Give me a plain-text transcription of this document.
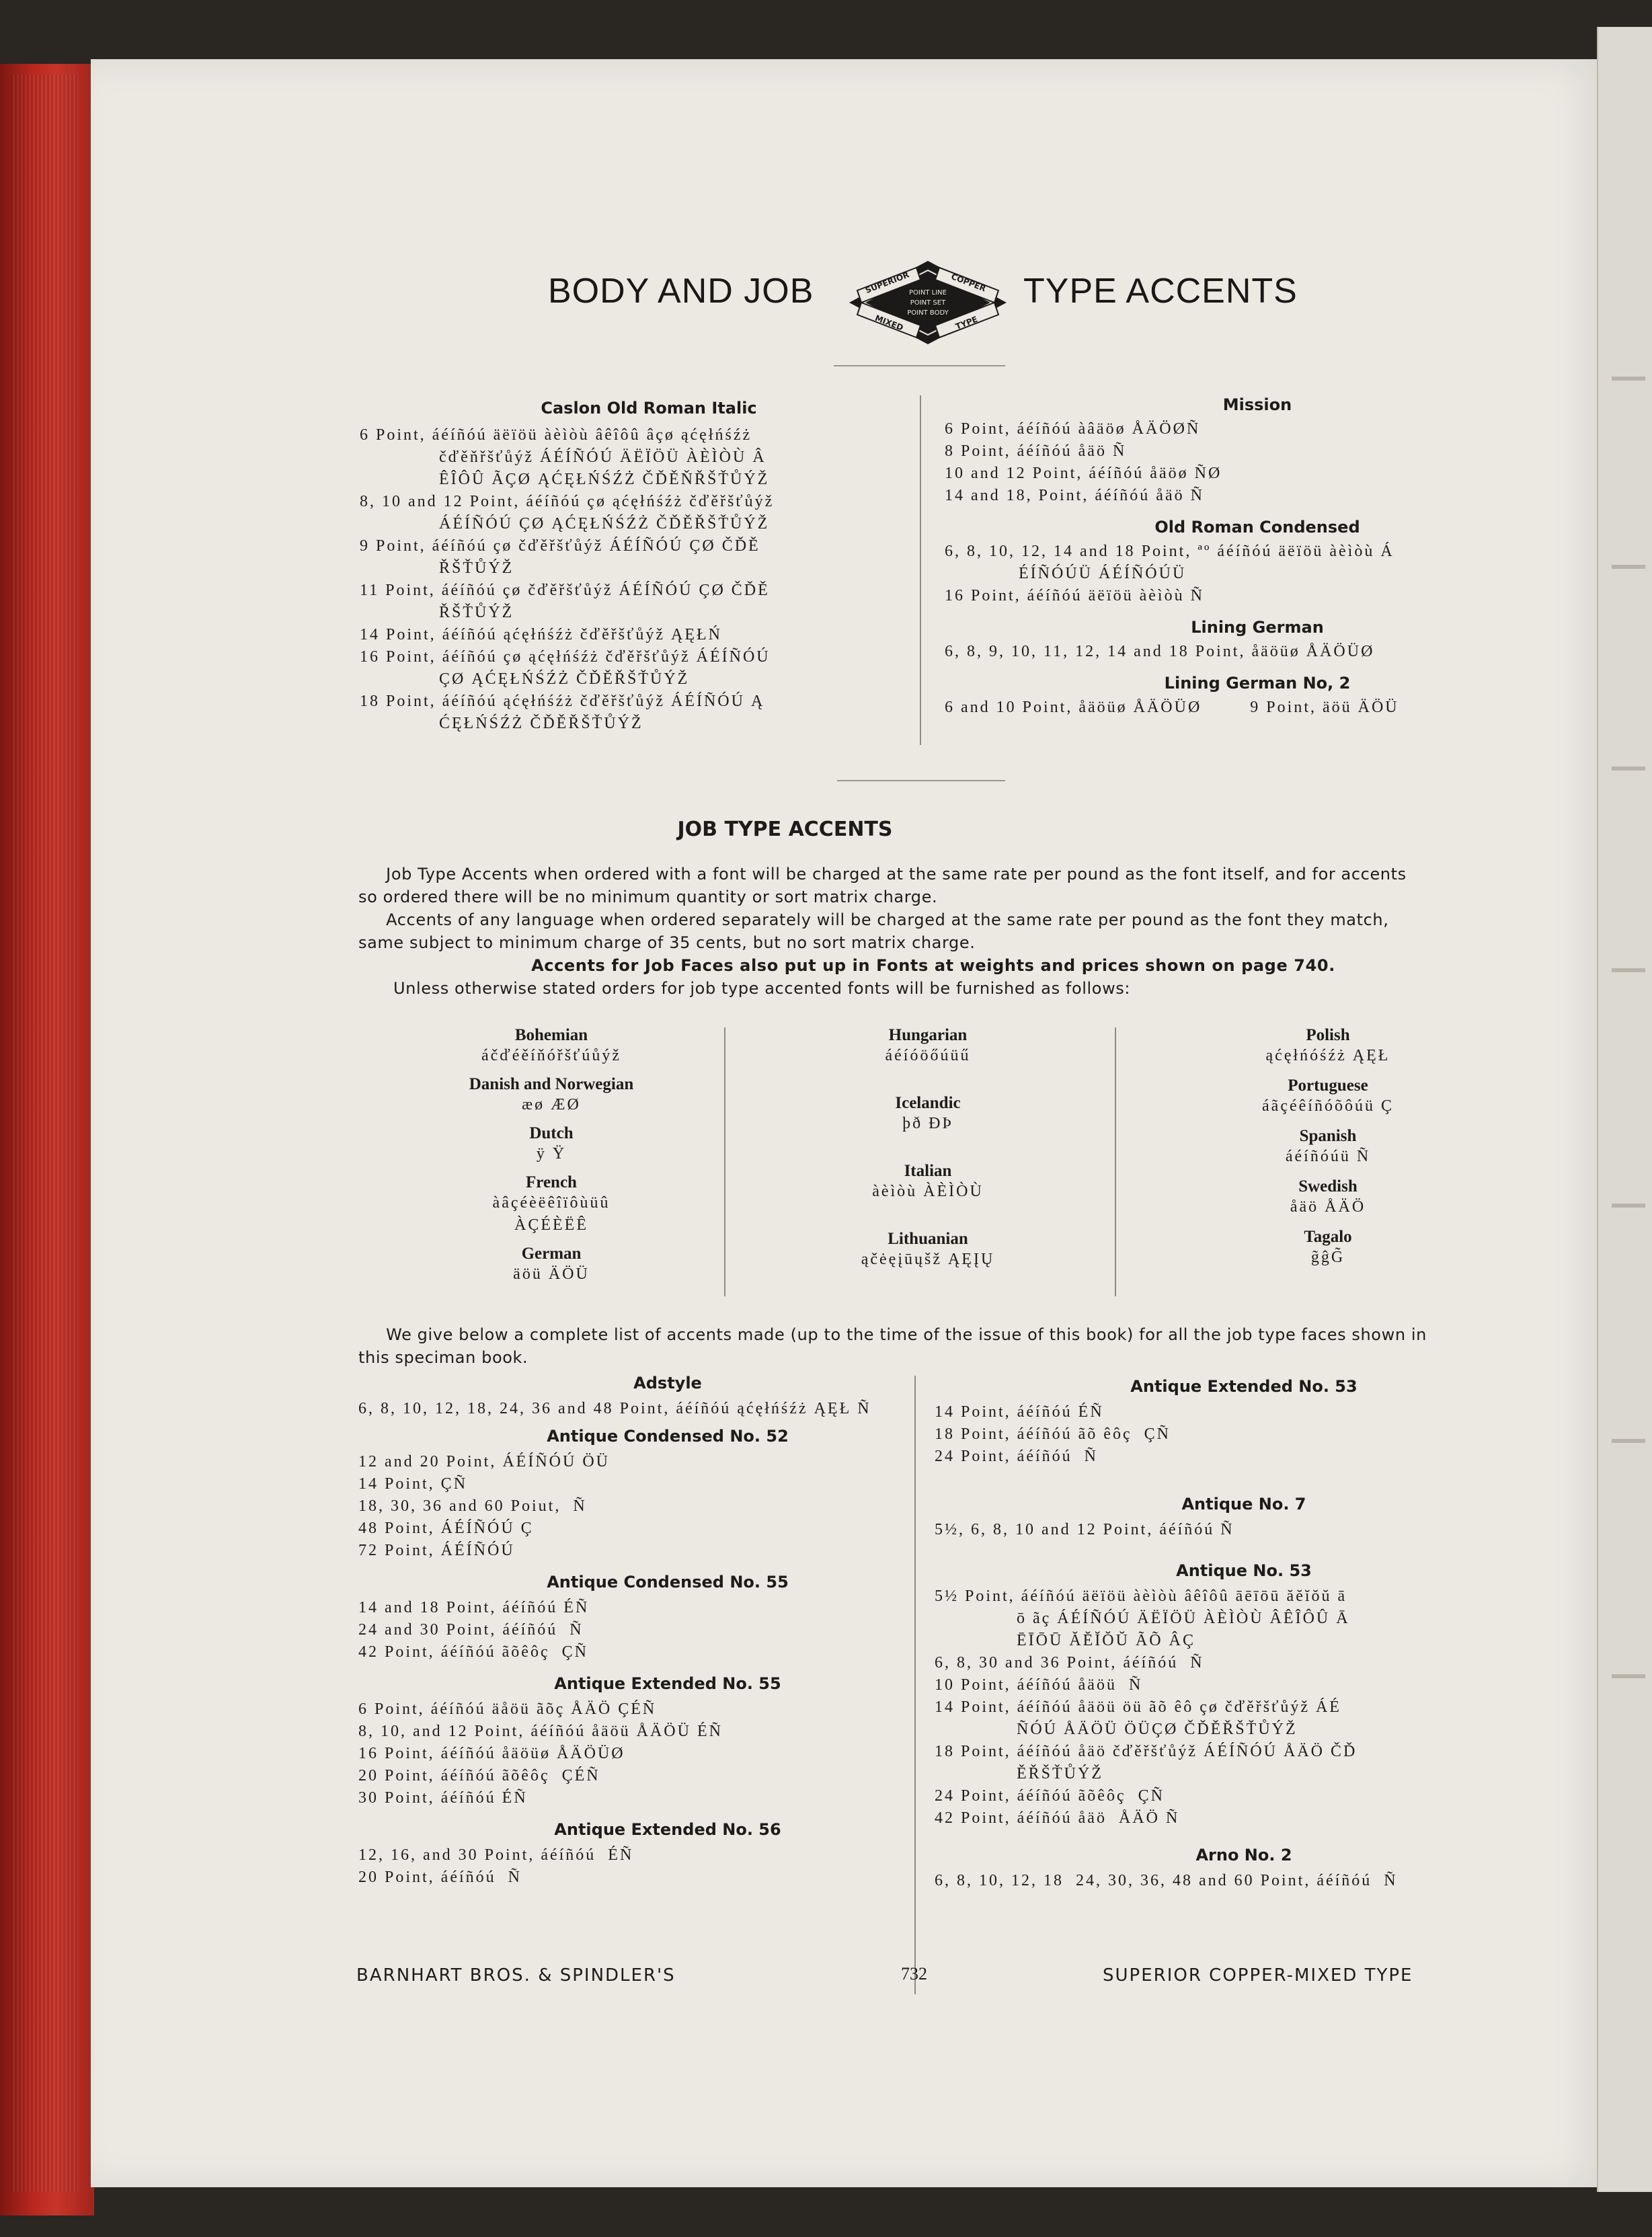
BODY AND JOB	SUPERIOR	COPPER
POINT LINE
POINT SET
POINT BODY
MIXED	TYPE
TYPE ACCENTS
Caslon Old Roman Italic
6 Point, áéíñóú äëïöü àèìòù âêîôû âçø ąćęłńśźż
čďěňřšťůýž ÁÉÍÑÓÚ ÄËÏÖÜ ÀÈÌÒÙ Â
ÊÎÔÛ ÃÇØ ĄĆĘŁŃŚŹŻ ČĎĚŇŘŠŤŮÝŽ
8, 10 and 12 Point, áéíñóú çø ąćęłńśźż čďěřšťůýž
ÁÉÍÑÓÚ ÇØ ĄĆĘŁŃŚŹŻ ČĎĚŘŠŤŮÝŽ
9 Point, áéíñóú çø čďěřšťůýž ÁÉÍÑÓÚ ÇØ ČĎĚ
ŘŠŤŮÝŽ
11 Point, áéíñóú çø čďěřšťůýž ÁÉÍÑÓÚ ÇØ ČĎĚ
ŘŠŤŮÝŽ
14 Point, áéíñóú ąćęłńśźż čďěřšťůýž ĄĘŁŃ
16 Point, áéíñóú çø ąćęłńśźż čďěřšťůýž ÁÉÍÑÓÚ
ÇØ ĄĆĘŁŃŚŹŻ ČĎĚŘŠŤŮÝŽ
18 Point, áéíñóú ąćęłńśźż čďěřšťůýž ÁÉÍÑÓÚ Ą
ĆĘŁŃŚŹŻ ČĎĚŘŠŤŮÝŽ
Mission
6 Point, áéíñóú àâäöø ÅÄÖØÑ
8 Point, áéíñóú åäö Ñ
10 and 12 Point, áéíñóú åäöø ÑØ
14 and 18, Point, áéíñóú åäö Ñ
Old Roman Condensed
6, 8, 10, 12, 14 and 18 Point, ªº áéíñóú äëïöü àèìòù Á
ÉÍÑÓÚÜ ÁÉÍÑÓÚÜ
16 Point, áéíñóú äëïöü àèìòù Ñ
Lining German
6, 8, 9, 10, 11, 12, 14 and 18 Point, åäöüø ÅÄÖÜØ
Lining German No, 2
6 and 10 Point, åäöüø ÅÄÖÜØ        9 Point, äöü ÄÖÜ
JOB TYPE ACCENTS
Job Type Accents when ordered with a font will be charged at the same rate per pound as the font itself, and for accents
so ordered there will be no minimum quantity or sort matrix charge.
Accents of any language when ordered separately will be charged at the same rate per pound as the font they match,
same subject to minimum charge of 35 cents, but no sort matrix charge.
Accents for Job Faces also put up in Fonts at weights and prices shown on page 740.
Unless otherwise stated orders for job type accented fonts will be furnished as follows:
Bohemian
áčďéěíňóřšťúůýž
Danish and Norwegian
æø ÆØ
Dutch
ÿ Ÿ
French
àâçéèëêîïôùüû
ÀÇÉÈËÊ
German
äöü ÄÖÜ
Hungarian
áéíóöőúüű
Icelandic
þð ÐÞ
Italian
àèìòù ÀÈÌÒÙ
Lithuanian
ąčėęįūųšž ĄĘĮŲ
Polish
ąćęłńóśźż ĄĘŁ
Portuguese
áãçéêíñóõôúü Ç
Spanish
áéíñóúü Ñ
Swedish
åäö ÅÄÖ
Tagalo
g̃ĝG̃
We give below a complete list of accents made (up to the time of the issue of this book) for all the job type faces shown in
this speciman book.
Adstyle
6, 8, 10, 12, 18, 24, 36 and 48 Point, áéíñóú ąćęłńśźż ĄĘŁ Ñ
Antique Condensed No. 52
12 and 20 Point, ÁÉÍÑÓÚ ÖÜ
14 Point, ÇÑ
18, 30, 36 and 60 Poiut,  Ñ
48 Point, ÁÉÍÑÓÚ Ç
72 Point, ÁÉÍÑÓÚ
Antique Condensed No. 55
14 and 18 Point, áéíñóú ÉÑ
24 and 30 Point, áéíñóú  Ñ
42 Point, áéíñóú ãõêôç  ÇÑ
Antique Extended No. 55
6 Point, áéíñóú äåöü ãõç ÅÄÖ ÇÉÑ
8, 10, and 12 Point, áéíñóú åäöü ÅÄÖÜ ÉÑ
16 Point, áéíñóú åäöüø ÅÄÖÜØ
20 Point, áéíñóú ãõêôç  ÇÉÑ
30 Point, áéíñóú ÉÑ
Antique Extended No. 56
12, 16, and 30 Point, áéíñóú  ÉÑ
20 Point, áéíñóú  Ñ
Antique Extended No. 53
14 Point, áéíñóú ÉÑ
18 Point, áéíñóú ãõ êôç  ÇÑ
24 Point, áéíñóú  Ñ
Antique No. 7
5½, 6, 8, 10 and 12 Point, áéíñóú Ñ
Antique No. 53
5½ Point, áéíñóú äëïöü àèìòù âêîôû āēīōū ăĕĭŏŭ ā
ō ãç ÁÉÍÑÓÚ ÄËÏÖÜ ÀÈÌÒÙ ÂÊÎÔÛ Ā
ĒĪŌŪ ĂĔĬŎŬ ÃÕ ÂÇ
6, 8, 30 and 36 Point, áéíñóú  Ñ
10 Point, áéíñóú åäöü  Ñ
14 Point, áéíñóú åäöü öü ãõ êô çø čďěřšťůýž ÁÉ
ÑÓÚ ÅÄÖÜ ÖÜÇØ ČĎĚŘŠŤŮÝŽ
18 Point, áéíñóú åäö čďěřšťůýž ÁÉÍÑÓÚ ÅÄÖ ČĎ
ĚŘŠŤŮÝŽ
24 Point, áéíñóú ãõêôç  ÇÑ
42 Point, áéíñóú åäö  ÅÄÖ Ñ
Arno No. 2
6, 8, 10, 12, 18  24, 30, 36, 48 and 60 Point, áéíñóú  Ñ
BARNHART BROS. & SPINDLER'S	732	SUPERIOR COPPER-MIXED TYPE
